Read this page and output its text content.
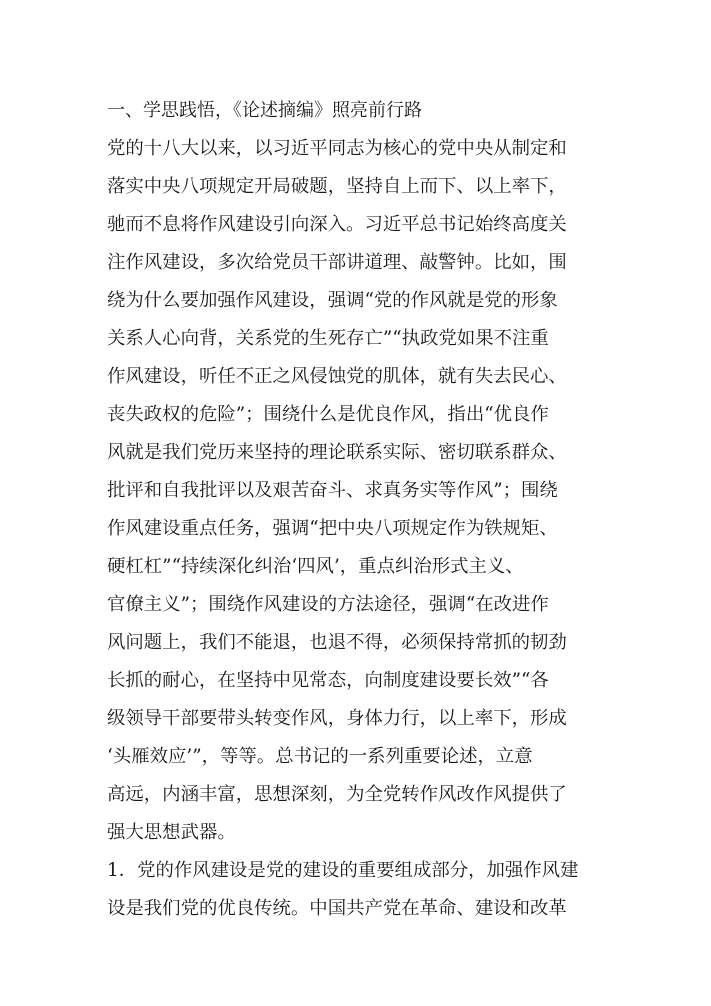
一、学思践悟，《论述摘编》照亮前行路
党的十八大以来，以习近平同志为核心的党中央从制定和
落实中央八项规定开局破题，坚持自上而下、以上率下，
驰而不息将作风建设引向深入。习近平总书记始终高度关
注作风建设，多次给党员干部讲道理、敲警钟。比如，围
绕为什么要加强作风建设，强调“党的作风就是党的形象
关系人心向背，关系党的生死存亡”“执政党如果不注重
作风建设，听任不正之风侵蚀党的肌体，就有失去民心、
丧失政权的危险”；围绕什么是优良作风，指出“优良作
风就是我们党历来坚持的理论联系实际、密切联系群众、
批评和自我批评以及艰苦奋斗、求真务实等作风”；围绕
作风建设重点任务，强调“把中央八项规定作为铁规矩、
硬杠杠”“持续深化纠治‘四风’，重点纠治形式主义、
官僚主义”；围绕作风建设的方法途径，强调“在改进作
风问题上，我们不能退，也退不得，必须保持常抓的韧劲
长抓的耐心，在坚持中见常态，向制度建设要长效”“各
级领导干部要带头转变作风，身体力行，以上率下，形成
‘头雁效应’”，等等。总书记的一系列重要论述，立意
高远，内涵丰富，思想深刻，为全党转作风改作风提供了
强大思想武器。
1．党的作风建设是党的建设的重要组成部分，加强作风建
设是我们党的优良传统。中国共产党在革命、建设和改革
